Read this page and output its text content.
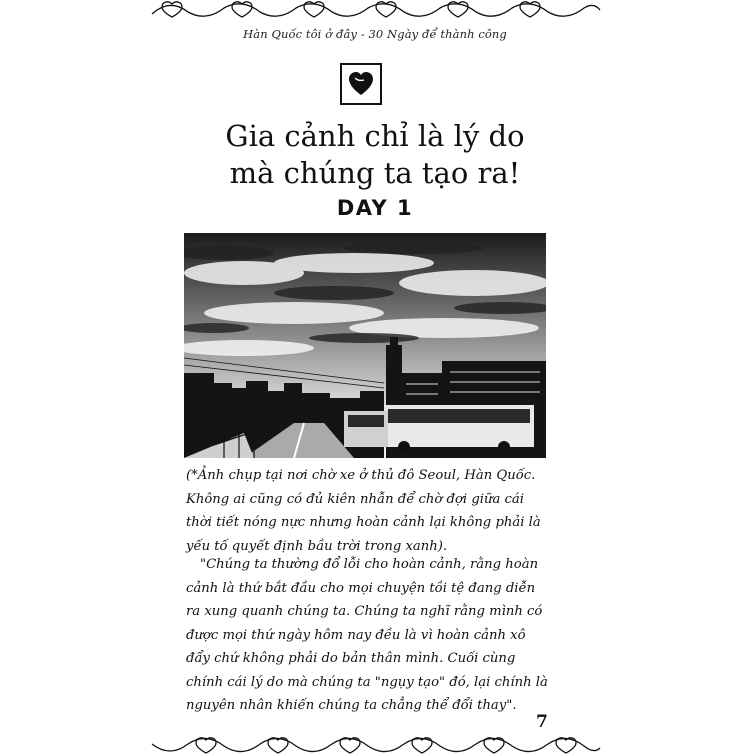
Hàn Quốc tôi ở đây - 30 Ngày để thành công
Gia cảnh chỉ là lý do
mà chúng ta tạo ra!
DAY 1
(*Ảnh chụp tại nơi chờ xe ở thủ đô Seoul, Hàn Quốc. Không ai cũng có đủ kiên nhẫn để chờ đợi giữa cái thời tiết nóng nực nhưng hoàn cảnh lại không phải là yếu tố quyết định bầu trời trong xanh).
"Chúng ta thường đổ lỗi cho hoàn cảnh, rằng hoàn cảnh là thứ bắt đầu cho mọi chuyện tồi tệ đang diễn ra xung quanh chúng ta. Chúng ta nghĩ rằng mình có được mọi thứ ngày hôm nay đều là vì hoàn cảnh xô đẩy chứ không phải do bản thân mình. Cuối cùng chính cái lý do mà chúng ta "ngụy tạo" đó, lại chính là nguyên nhân khiến chúng ta chẳng thể đổi thay".
7
